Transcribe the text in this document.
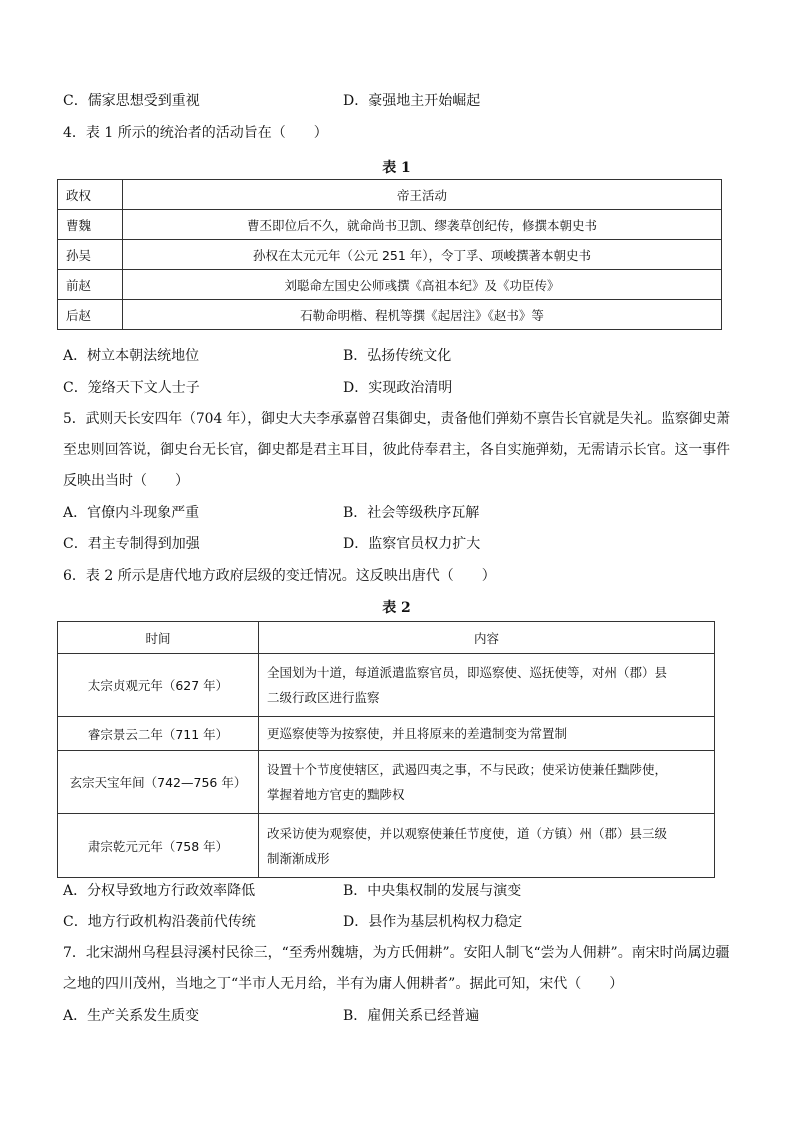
C．儒家思想受到重视	D．豪强地主开始崛起
4．表 1 所示的统治者的活动旨在（　　）
表 1
政权	帝王活动
曹魏	曹丕即位后不久，就命尚书卫凯、缪袭草创纪传，修撰本朝史书
孙吴	孙权在太元元年（公元 251 年），令丁孚、项峻撰著本朝史书
前赵	刘聪命左国史公师彧撰《高祖本纪》及《功臣传》
后赵	石勒命明楷、程机等撰《起居注》《赵书》等
A．树立本朝法统地位	B．弘扬传统文化
C．笼络天下文人士子	D．实现政治清明
5．武则天长安四年（704 年），御史大夫李承嘉曾召集御史，责备他们弹劾不禀告长官就是失礼。监察御史萧
至忠则回答说，御史台无长官，御史都是君主耳目，彼此侍奉君主，各自实施弹劾，无需请示长官。这一事件
反映出当时（　　）
A．官僚内斗现象严重	B．社会等级秩序瓦解
C．君主专制得到加强	D．监察官员权力扩大
6．表 2 所示是唐代地方政府层级的变迁情况。这反映出唐代（　　）
表 2
时间	内容
太宗贞观元年（627 年）	全国划为十道，每道派遣监察官员，即巡察使、巡抚使等，对州（郡）县
二级行政区进行监察

睿宗景云二年（711 年）	更巡察使等为按察使，并且将原来的差遣制变为常置制

玄宗天宝年间（742—756 年）	设置十个节度使辖区，武遏四夷之事，不与民政；使采访使兼任黜陟使，
掌握着地方官吏的黜陟权

肃宗乾元元年（758 年）	改采访使为观察使，并以观察使兼任节度使，道（方镇）州（郡）县三级
制渐渐成形
A．分权导致地方行政效率降低	B．中央集权制的发展与演变
C．地方行政机构沿袭前代传统	D．县作为基层机构权力稳定
7．北宋湖州乌程县浔溪村民徐三，“至秀州魏塘，为方氏佣耕”。安阳人制飞“尝为人佣耕”。南宋时尚属边疆
之地的四川茂州，当地之丁“半市人无月给，半有为庸人佣耕者”。据此可知，宋代（　　）
A．生产关系发生质变	B．雇佣关系已经普遍
